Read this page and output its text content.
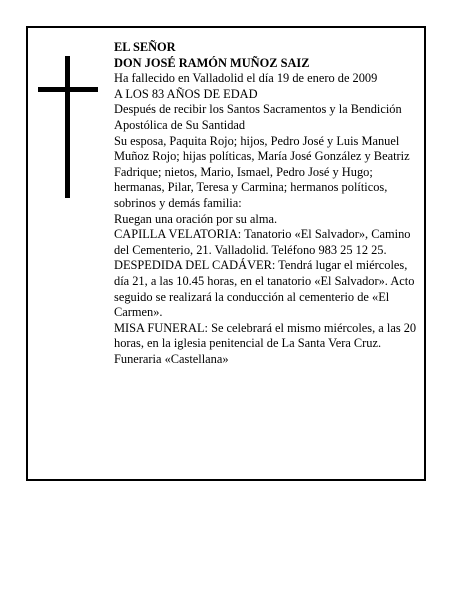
EL SEÑOR

DON JOSÉ RAMÓN MUÑOZ SAIZ

Ha fallecido en Valladolid el día 19 de enero de 2009

A LOS 83 AÑOS DE EDAD

Después de recibir los Santos Sacramentos y la Bendición Apostólica de Su Santidad

Su esposa, Paquita Rojo; hijos, Pedro José y Luis Manuel Muñoz Rojo; hijas políticas, María José González y Beatriz Fadrique; nietos, Mario, Ismael, Pedro José y Hugo; hermanas, Pilar, Teresa y Carmina; hermanos políticos, sobrinos y demás familia:

Ruegan una oración por su alma.

CAPILLA VELATORIA: Tanatorio «El Salvador», Camino del Cementerio, 21. Valladolid. Teléfono 983 25 12 25.

DESPEDIDA DEL CADÁVER: Tendrá lugar el miércoles, día 21, a las 10.45 horas, en el tanatorio «El Salvador». Acto seguido se realizará la conducción al cementerio de «El Carmen».

MISA FUNERAL: Se celebrará el mismo miércoles, a las 20 horas, en la iglesia penitencial de La Santa Vera Cruz.

Funeraria «Castellana»
